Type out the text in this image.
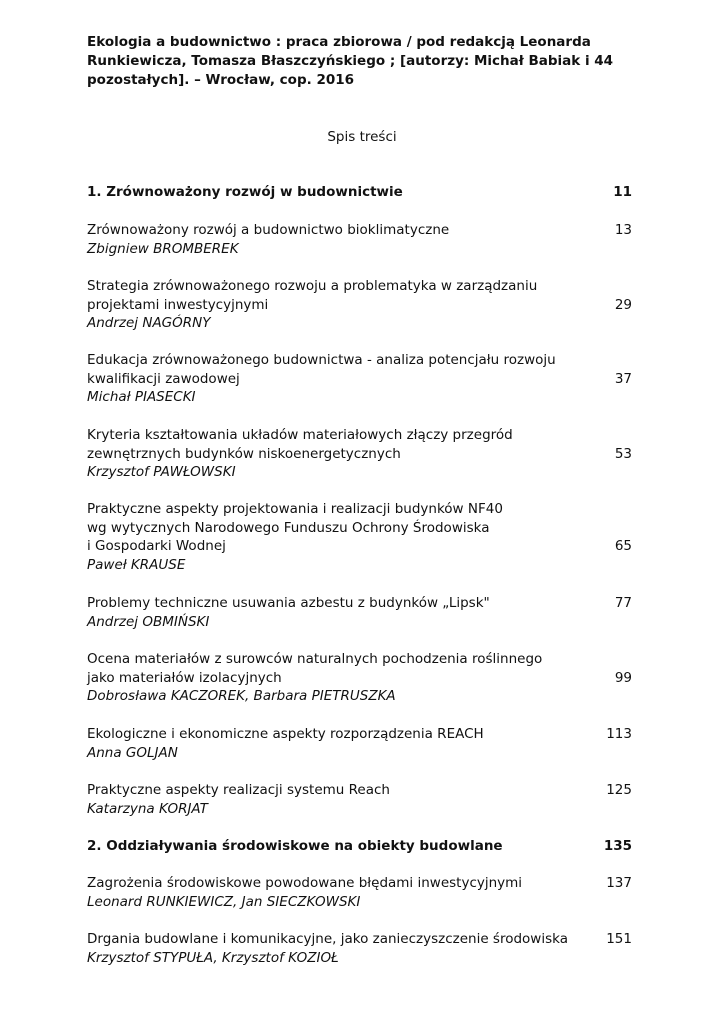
Ekologia a budownictwo : praca zbiorowa / pod redakcją Leonarda
Runkiewicza, Tomasza Błaszczyńskiego ; [autorzy: Michał Babiak i 44
pozostałych]. – Wrocław, cop. 2016
Spis treści
1. Zrównoważony rozwój w budownictwie	11
Zrównoważony rozwój a budownictwo bioklimatyczne
Zbigniew BROMBEREK
13
Strategia zrównoważonego rozwoju a problematyka w zarządzaniu
projektami inwestycyjnymi
Andrzej NAGÓRNY
29
Edukacja zrównoważonego budownictwa - analiza potencjału rozwoju
kwalifikacji zawodowej
Michał PIASECKI
37
Kryteria kształtowania układów materiałowych złączy przegród
zewnętrznych budynków niskoenergetycznych
Krzysztof PAWŁOWSKI
53
Praktyczne aspekty projektowania i realizacji budynków NF40
wg wytycznych Narodowego Funduszu Ochrony Środowiska
i Gospodarki Wodnej
Paweł KRAUSE
65
Problemy techniczne usuwania azbestu z budynków „Lipsk"
Andrzej OBMIŃSKI
77
Ocena materiałów z surowców naturalnych pochodzenia roślinnego
jako materiałów izolacyjnych
Dobrosława KACZOREK, Barbara PIETRUSZKA
99
Ekologiczne i ekonomiczne aspekty rozporządzenia REACH
Anna GOLJAN
113
Praktyczne aspekty realizacji systemu Reach
Katarzyna KORJAT
125
2. Oddziaływania środowiskowe na obiekty budowlane	135
Zagrożenia środowiskowe powodowane błędami inwestycyjnymi
Leonard RUNKIEWICZ, Jan SIECZKOWSKI
137
Drgania budowlane i komunikacyjne, jako zanieczyszczenie środowiska
Krzysztof STYPUŁA, Krzysztof KOZIOŁ
151
